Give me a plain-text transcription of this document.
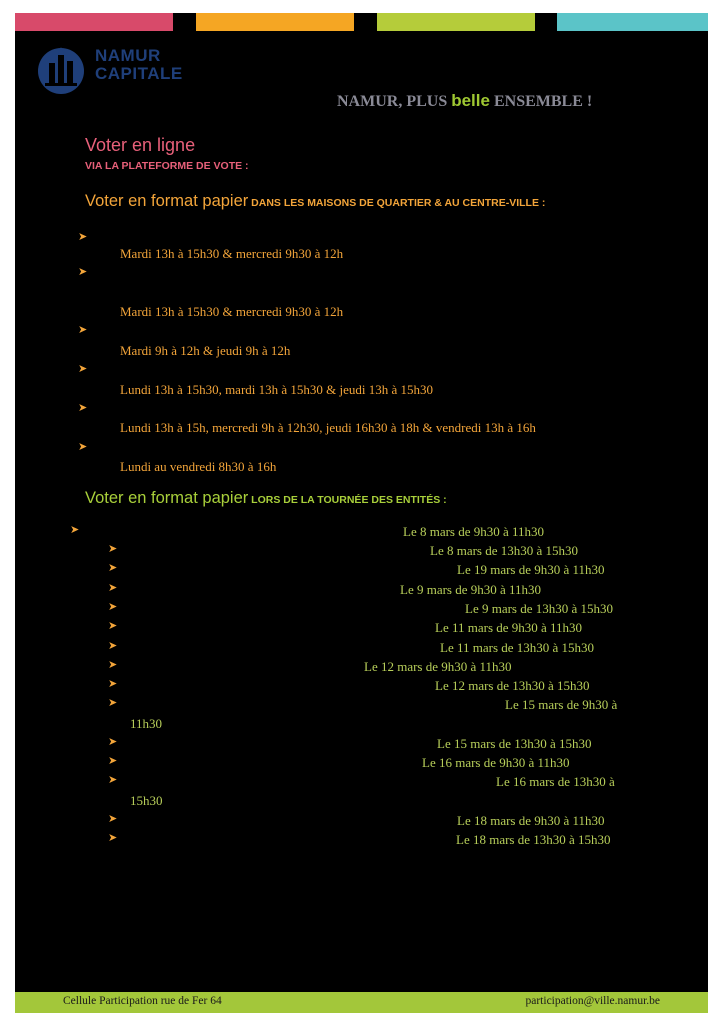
NAMUR
CAPITALE
NAMUR, PLUS belle ENSEMBLE !
Voter en ligne
VIA LA PLATEFORME DE VOTE :
Voter en format papier DANS LES MAISONS DE QUARTIER & AU CENTRE-VILLE :
➤
Mardi 13h à 15h30 & mercredi 9h30 à 12h
➤
Mardi 13h à 15h30 & mercredi 9h30 à 12h
➤
Mardi 9h à 12h & jeudi 9h à 12h
➤
Lundi 13h à 15h30, mardi 13h à 15h30 & jeudi 13h à 15h30
➤
Lundi 13h à 15h, mercredi 9h à 12h30, jeudi 16h30 à 18h & vendredi 13h à 16h
➤
Lundi au vendredi 8h30 à 16h
Voter en format papier LORS DE LA TOURNÉE DES ENTITÉS :
➤	Le 8 mars de 9h30 à 11h30
➤	Le 8 mars de 13h30 à 15h30
➤	Le 19 mars de 9h30 à 11h30
➤	Le 9 mars de 9h30 à 11h30
➤	Le 9 mars de 13h30 à 15h30
➤	Le 11 mars de 9h30 à 11h30
➤	Le 11 mars de 13h30 à 15h30
➤	Le 12 mars de 9h30 à 11h30
➤	Le 12 mars de 13h30 à 15h30
➤	Le 15 mars de 9h30 à
11h30
➤	Le 15 mars de 13h30 à 15h30
➤	Le 16 mars de 9h30 à 11h30
➤	Le 16 mars de 13h30 à
15h30
➤	Le 18 mars de 9h30 à 11h30
➤	Le 18 mars de 13h30 à 15h30
Cellule Participation rue de Fer 64	participation@ville.namur.be
